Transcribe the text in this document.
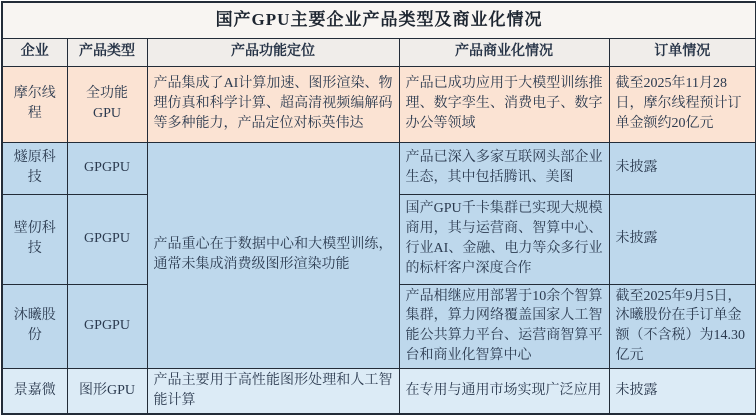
国产GPU主要企业产品类型及商业化情况				
企业	产品类型	产品功能定位	产品商业化情况	订单情况
摩尔线程	全功能GPU	产品集成了AI计算加速、图形渲染、物理仿真和科学计算、超高清视频编解码等多种能力，产品定位对标英伟达	产品已成功应用于大模型训练推理、数字孪生、消费电子、数字办公等领域	截至2025年11月28日，摩尔线程预计订单金额约20亿元
燧原科技	GPGPU	产品重心在于数据中心和大模型训练，通常未集成消费级图形渲染功能	产品已深入多家互联网头部企业生态，其中包括腾讯、美图	未披露
壁仞科技	GPGPU		国产GPU千卡集群已实现大规模商用，其与运营商、智算中心、行业AI、金融、电力等众多行业的标杆客户深度合作	未披露
沐曦股份	GPGPU		产品相继应用部署于10余个智算集群，算力网络覆盖国家人工智能公共算力平台、运营商智算平台和商业化智算中心	截至2025年9月5日，沐曦股份在手订单金额（不含税）为14.30亿元
景嘉微	图形GPU	产品主要用于高性能图形处理和人工智能计算	在专用与通用市场实现广泛应用	未披露
